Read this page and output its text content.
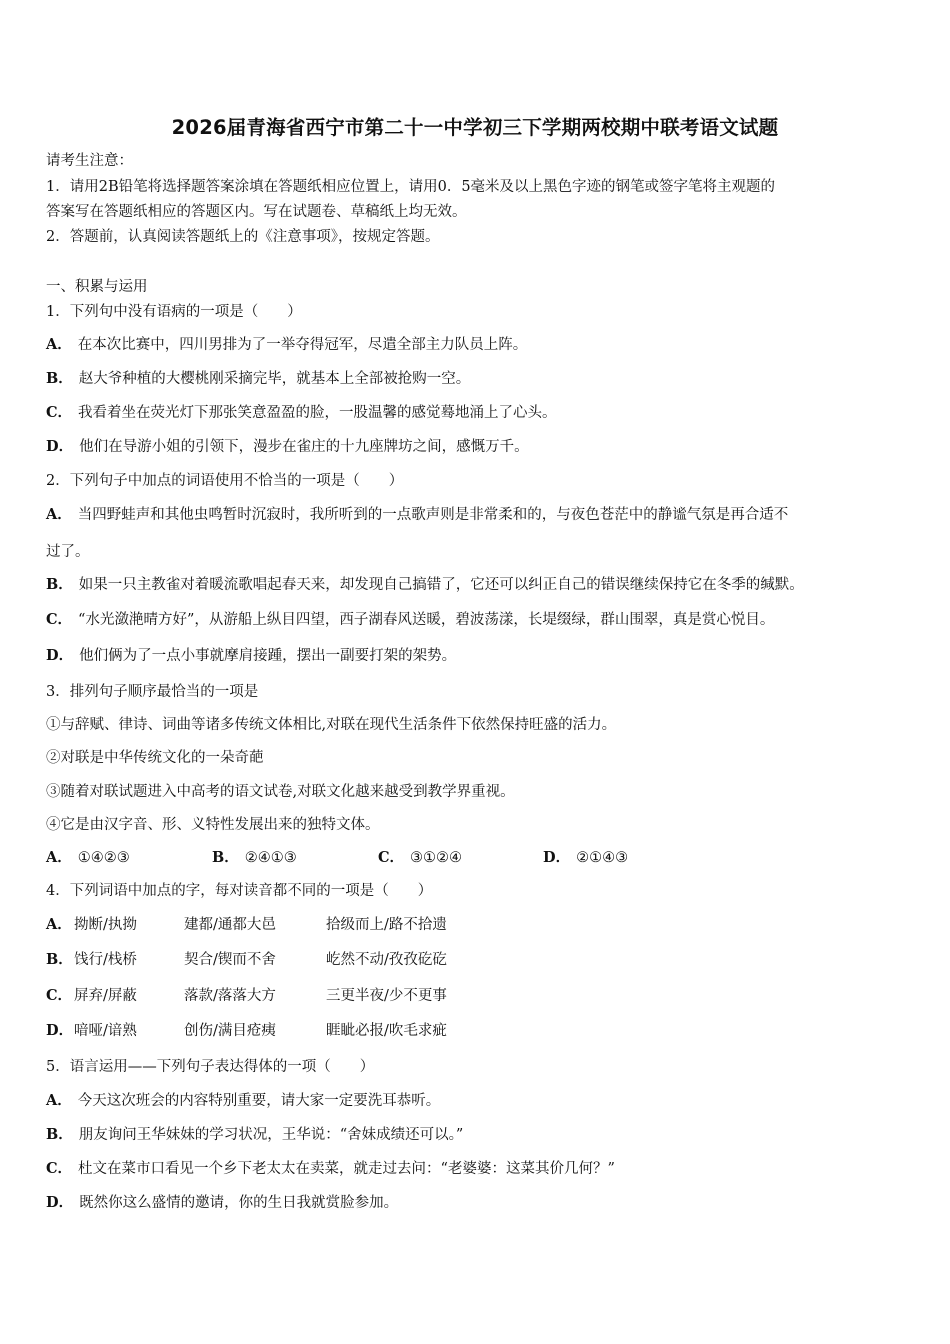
2026届青海省西宁市第二十一中学初三下学期两校期中联考语文试题
请考生注意：
1．请用2B铅笔将选择题答案涂填在答题纸相应位置上，请用0．5毫米及以上黑色字迹的钢笔或签字笔将主观题的
答案写在答题纸相应的答题区内。写在试题卷、草稿纸上均无效。
2．答题前，认真阅读答题纸上的《注意事项》，按规定答题。
一、积累与运用
1．下列句中没有语病的一项是（　　）
A． 在本次比赛中，四川男排为了一举夺得冠军，尽遣全部主力队员上阵。
B． 赵大爷种植的大樱桃刚采摘完毕，就基本上全部被抢购一空。
C． 我看着坐在荧光灯下那张笑意盈盈的脸，一股温馨的感觉蓦地涌上了心头。
D． 他们在导游小姐的引领下，漫步在雀庄的十九座牌坊之间，感慨万千。
2．下列句子中加点的词语使用不恰当的一项是（　　）
A． 当四野蛙声和其他虫鸣暂时沉寂时，我所听到的一点歌声则是非常柔和的，与夜色苍茫中的静谧气氛是再合适不
过了。
B． 如果一只主教雀对着暖流歌唱起春天来，却发现自己搞错了，它还可以纠正自己的错误继续保持它在冬季的缄默。
C． “水光潋滟晴方好”，从游船上纵目四望，西子湖春风送暖，碧波荡漾，长堤缀绿，群山围翠，真是赏心悦目。
D． 他们俩为了一点小事就摩肩接踵，摆出一副要打架的架势。
3．排列句子顺序最恰当的一项是
①与辞赋、律诗、词曲等诸多传统文体相比,对联在现代生活条件下依然保持旺盛的活力。
②对联是中华传统文化的一朵奇葩
③随着对联试题进入中高考的语文试卷,对联文化越来越受到教学界重视。
④它是由汉字音、形、义特性发展出来的独特文体。
A． ①④②③	B． ②④①③	C． ③①②④	D． ②①④③
4．下列词语中加点的字，每对读音都不同的一项是（　　）
A． 拗断/执拗	建都/通都大邑	拾级而上/路不拾遗
B． 饯行/栈桥	契合/锲而不舍	屹然不动/孜孜矻矻
C． 屏弃/屏蔽	落款/落落大方	三更半夜/少不更事
D． 喑哑/谙熟	创伤/满目疮痍	睚眦必报/吹毛求疵
5．语言运用——下列句子表达得体的一项（　　）
A． 今天这次班会的内容特别重要，请大家一定要洗耳恭听。
B． 朋友询问王华妹妹的学习状况，王华说：“舍妹成绩还可以。”
C． 杜文在菜市口看见一个乡下老太太在卖菜，就走过去问：“老婆婆：这菜其价几何？”
D． 既然你这么盛情的邀请，你的生日我就赏脸参加。
